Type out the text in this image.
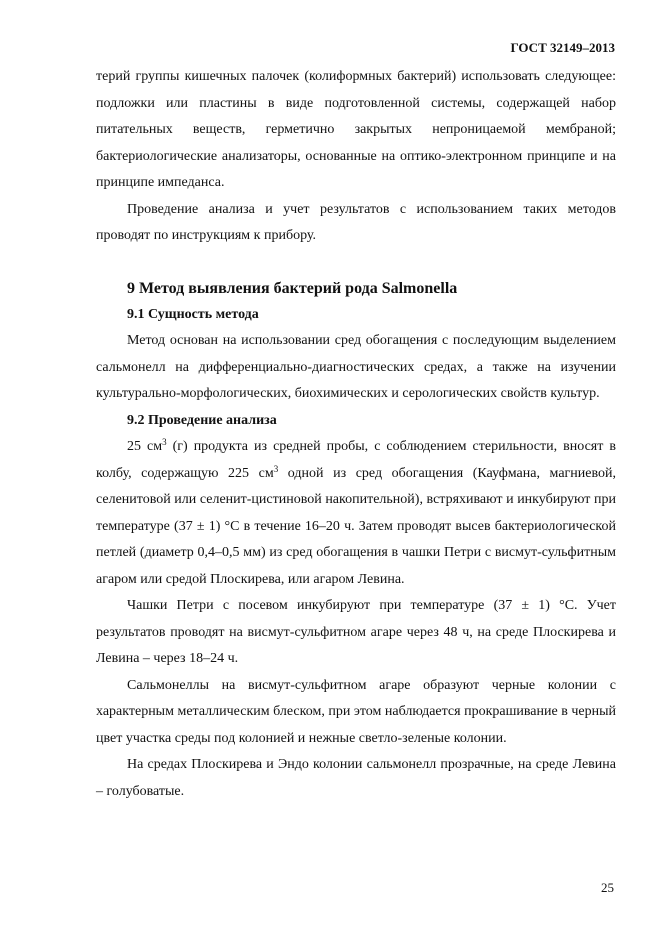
ГОСТ 32149–2013

терий группы кишечных палочек (колиформных бактерий) использовать следующее: подложки или пластины в виде подготовленной системы, содержащей набор питательных веществ, герметично закрытых непроницаемой мембраной; бактериологические анализаторы, основанные на оптико-электронном принципе и на принципе импеданса.

Проведение анализа и учет результатов с использованием таких методов проводят по инструкциям к прибору.

9 Метод выявления бактерий рода Salmonella

9.1 Сущность метода

Метод основан на использовании сред обогащения с последующим выделением сальмонелл на дифференциально-диагностических средах, а также на изучении культурально-морфологических, биохимических и серологических свойств культур.

9.2 Проведение анализа

25 $см^3$ (г) продукта из средней пробы, с соблюдением стерильности, вносят в колбу, содержащую 225 $см^3$ одной из сред обогащения (Кауфмана, магниевой, селенитовой или селенит-цистиновой накопительной), встряхивают и инкубируют при температуре (37 ± 1) °С в течение 16–20 ч. Затем проводят высев бактериологической петлей (диаметр 0,4–0,5 мм) из сред обогащения в чашки Петри с висмут-сульфитным агаром или средой Плоскирева, или агаром Левина.

Чашки Петри с посевом инкубируют при температуре (37 ± 1) °С. Учет результатов проводят на висмут-сульфитном агаре через 48 ч, на среде Плоскирева и Левина – через 18–24 ч.

Сальмонеллы на висмут-сульфитном агаре образуют черные колонии с характерным металлическим блеском, при этом наблюдается прокрашивание в черный цвет участка среды под колонией и нежные светло-зеленые колонии.

На средах Плоскирева и Эндо колонии сальмонелл прозрачные, на среде Левина – голубоватые.

25
